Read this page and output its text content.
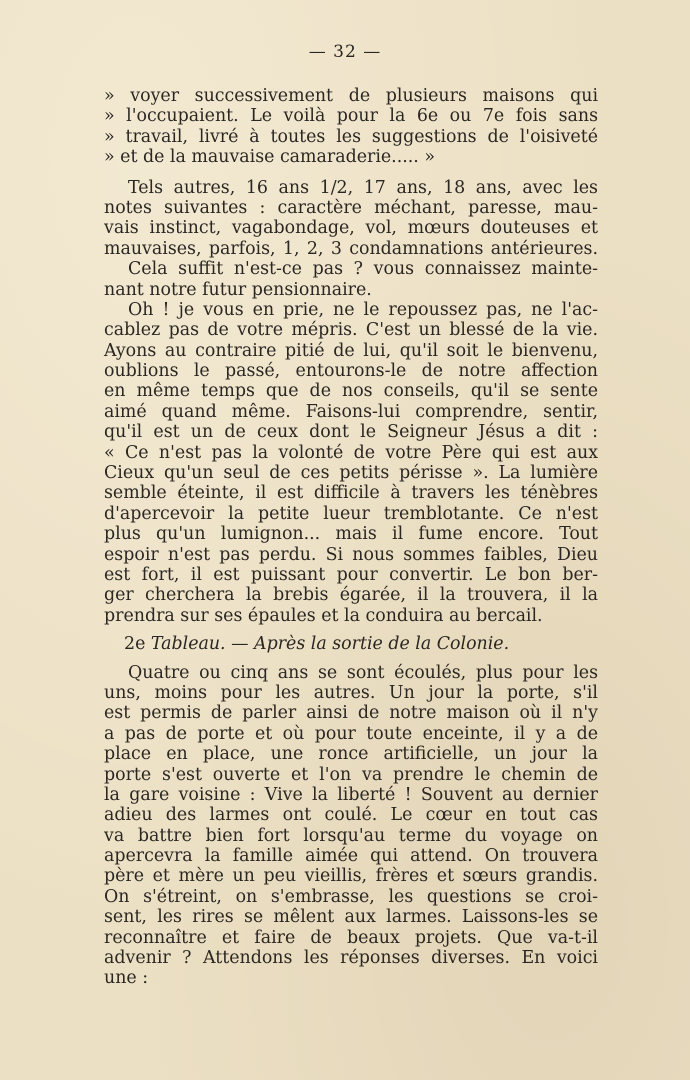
— 32 —
» voyer successivement de plusieurs maisons qui
» l'occupaient. Le voilà pour la 6e ou 7e fois sans
» travail, livré à toutes les suggestions de l'oisiveté
» et de la mauvaise camaraderie..... »
Tels autres, 16 ans 1/2, 17 ans, 18 ans, avec les
notes suivantes : caractère méchant, paresse, mau-
vais instinct, vagabondage, vol, mœurs douteuses et
mauvaises, parfois, 1, 2, 3 condamnations antérieures.
Cela suffit n'est-ce pas ? vous connaissez mainte-
nant notre futur pensionnaire.
Oh ! je vous en prie, ne le repoussez pas, ne l'ac-
cablez pas de votre mépris. C'est un blessé de la vie.
Ayons au contraire pitié de lui, qu'il soit le bienvenu,
oublions le passé, entourons-le de notre affection
en même temps que de nos conseils, qu'il se sente
aimé quand même. Faisons-lui comprendre, sentir,
qu'il est un de ceux dont le Seigneur Jésus a dit :
« Ce n'est pas la volonté de votre Père qui est aux
Cieux qu'un seul de ces petits périsse ». La lumière
semble éteinte, il est difficile à travers les ténèbres
d'apercevoir la petite lueur tremblotante. Ce n'est
plus qu'un lumignon... mais il fume encore. Tout
espoir n'est pas perdu. Si nous sommes faibles, Dieu
est fort, il est puissant pour convertir. Le bon ber-
ger cherchera la brebis égarée, il la trouvera, il la
prendra sur ses épaules et la conduira au bercail.
2e Tableau. — Après la sortie de la Colonie.
Quatre ou cinq ans se sont écoulés, plus pour les
uns, moins pour les autres. Un jour la porte, s'il
est permis de parler ainsi de notre maison où il n'y
a pas de porte et où pour toute enceinte, il y a de
place en place, une ronce artificielle, un jour la
porte s'est ouverte et l'on va prendre le chemin de
la gare voisine : Vive la liberté ! Souvent au dernier
adieu des larmes ont coulé. Le cœur en tout cas
va battre bien fort lorsqu'au terme du voyage on
apercevra la famille aimée qui attend. On trouvera
père et mère un peu vieillis, frères et sœurs grandis.
On s'étreint, on s'embrasse, les questions se croi-
sent, les rires se mêlent aux larmes. Laissons-les se
reconnaître et faire de beaux projets. Que va-t-il
advenir ? Attendons les réponses diverses. En voici
une :
